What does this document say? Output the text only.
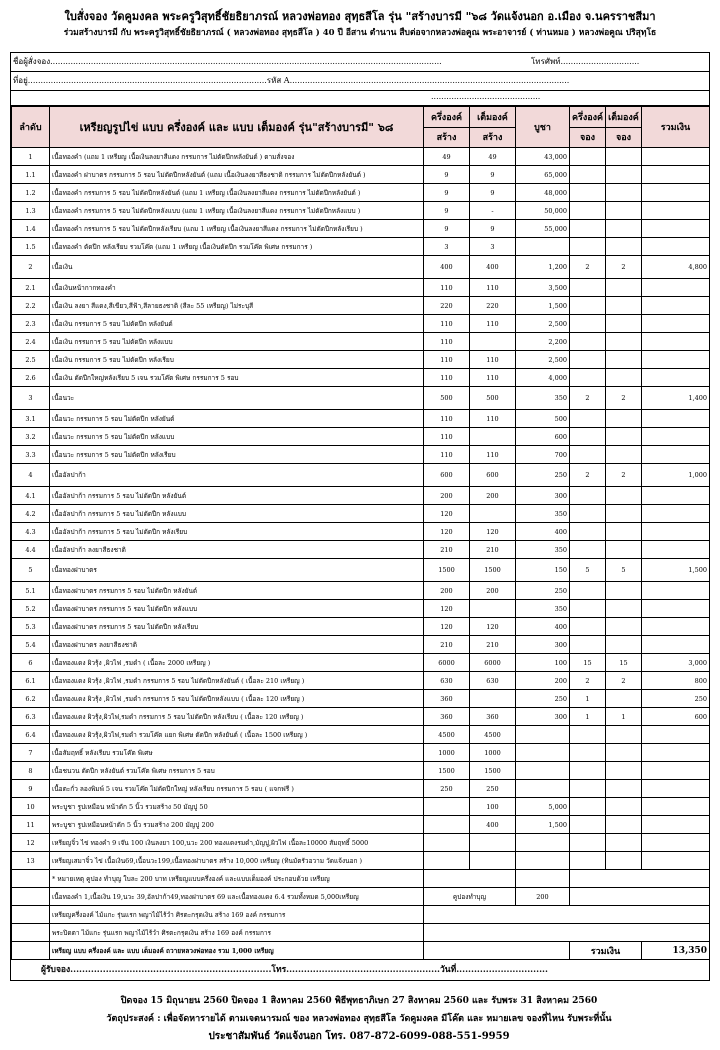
ใบสั่งจอง วัดคูมงคล พระครูวิสุทธิ์ชัยธิยาภรณ์ หลวงพ่อทอง สุทฺธสีโล รุ่น "สร้างบารมี "๖๘ วัดแจ้งนอก อ.เมือง จ.นครราชสีมา
ร่วมสร้างบารมี กับ พระครูวิสุทธิ์ชัยธิยาภรณ์ ( หลวงพ่อทอง สุทฺธสีโล ) 40 ปี อีสาน ตำนาน สืบต่อจากหลวงพ่อคูณ พระอาจารย์ ( ท่านหมอ ) หลวงพ่อคูณ ปริสุทฺโธ
ชื่อผู้สั่งจอง..........................................................................................................................................................	โทรศัพท์...............................
ที่อยู่..............................................................................................รหัส A..............................................................................................................
...........................................
ลำดับ	เหรียญรูปไข่ แบบ ครึ่งองค์ และ แบบ เต็มองค์ รุ่น"สร้างบารมี" ๖๘	ครึ่งองค์	เต็มองค์	บูชา	ครึ่งองค์	เต็มองค์	รวมเงิน
		สร้าง	สร้าง		จอง	จอง	
1	เนื้อทองคำ (แถม 1 เหรียญ เนื้อเงินลงยาสีแดง กรรมการ ไม่ตัดปีกหลังยันต์ ) ตามสั่งจอง	49	49	43,000			
1.1	เนื้อทองคำ ฝาบาตร กรรมการ 5 รอบ ไม่ตัดปีกหลังยันต์ (แถม เนื้อเงินลงยาสีธงชาติ กรรมการ ไม่ตัดปีกหลังยันต์ )	9	9	65,000			
1.2	เนื้อทองคำ กรรมการ 5 รอบ ไม่ตัดปีกหลังยันต์ (แถม 1 เหรียญ เนื้อเงินลงยาสีแดง กรรมการ ไม่ตัดปีกหลังยันต์ )	9	9	48,000			
1.3	เนื้อทองคำ กรรมการ 5 รอบ ไม่ตัดปีกหลังแบบ (แถม 1 เหรียญ เนื้อเงินลงยาสีแดง กรรมการ ไม่ตัดปีกหลังแบบ )	9	-	50,000			
1.4	เนื้อทองคำ กรรมการ 5 รอบ ไม่ตัดปีกหลังเรียบ (แถม 1 เหรียญ เนื้อเงินลงยาสีแดง กรรมการ ไม่ตัดปีกหลังเรียบ )	9	9	55,000			
1.5	เนื้อทองคำ ตัดปีก หลังเรียบ รวมโค๊ต (แถม 1 เหรียญ เนื้อเงินตัดปีก รวมโค๊ต พิเศษ กรรมการ )	3	3				
2	เนื้อเงิน	400	400	1,200	2	2	4,800
2.1	เนื้อเงินหน้ากากทองคำ	110	110	3,500			
2.2	เนื้อเงิน ลงยา สีแดง,สีเขียว,สีฟ้า,สีลายธงชาติ (สีละ 55 เหรียญ) ไม่ระบุสี	220	220	1,500			
2.3	เนื้อเงิน กรรมการ 5 รอบ ไม่ตัดปีก หลังยันต์	110	110	2,500			
2.4	เนื้อเงิน กรรมการ 5 รอบ ไม่ตัดปีก หลังแบบ	110		2,200			
2.5	เนื้อเงิน กรรมการ 5 รอบ ไม่ตัดปีก หลังเรียบ	110	110	2,500			
2.6	เนื้อเงิน ตัดปีกใหญ่หลังเรียบ 5 เจน รวมโค๊ต พิเศษ กรรมการ 5 รอบ	110	110	4,000			
3	เนื้อนวะ	500	500	350	2	2	1,400
3.1	เนื้อนวะ กรรมการ 5 รอบ ไม่ตัดปีก หลังยันต์	110	110	500			
3.2	เนื้อนวะ กรรมการ 5 รอบ ไม่ตัดปีก หลังแบบ	110		600			
3.3	เนื้อนวะ กรรมการ 5 รอบ ไม่ตัดปีก หลังเรียบ	110	110	700			
4	เนื้ออัลปาก้า	600	600	250	2	2	1,000
4.1	เนื้ออัลปาก้า กรรมการ 5 รอบ ไม่ตัดปีก หลังยันต์	200	200	300			
4.2	เนื้ออัลปาก้า กรรมการ 5 รอบ ไม่ตัดปีก หลังแบบ	120		350			
4.3	เนื้ออัลปาก้า กรรมการ 5 รอบ ไม่ตัดปีก หลังเรียบ	120	120	400			
4.4	เนื้ออัลปาก้า ลงยาสีธงชาติ	210	210	350			
5	เนื้อทองฝาบาตร	1500	1500	150	5	5	1,500
5.1	เนื้อทองฝาบาตร กรรมการ 5 รอบ ไม่ตัดปีก หลังยันต์	200	200	250			
5.2	เนื้อทองฝาบาตร กรรมการ 5 รอบ ไม่ตัดปีก หลังแบบ	120		350			
5.3	เนื้อทองฝาบาตร กรรมการ 5 รอบ ไม่ตัดปีก หลังเรียบ	120	120	400			
5.4	เนื้อทองฝาบาตร ลงยาสีธงชาติ	210	210	300			
6	เนื้อทองแดง ผิวรุ้ง ,ผิวไฟ ,รมดำ ( เนื้อละ 2000 เหรียญ )	6000	6000	100	15	15	3,000
6.1	เนื้อทองแดง ผิวรุ้ง ,ผิวไฟ ,รมดำ กรรมการ 5 รอบ ไม่ตัดปีกหลังยันต์ ( เนื้อละ 210 เหรียญ )	630	630	200	2	2	800
6.2	เนื้อทองแดง ผิวรุ้ง ,ผิวไฟ ,รมดำ กรรมการ 5 รอบ ไม่ตัดปีกหลังแบบ ( เนื้อละ 120 เหรียญ )	360		250	1		250
6.3	เนื้อทองแดง ผิวรุ้ง,ผิวไฟ,รมดำ กรรมการ 5 รอบ ไม่ตัดปีก หลังเรียบ ( เนื้อละ 120 เหรียญ )	360	360	300	1	1	600
6.4	เนื้อทองแดง ผิวรุ้ง,ผิวไฟ,รมดำ รวมโค๊ต แยก พิเศษ ตัดปีก หลังยันต์ ( เนื้อละ 1500 เหรียญ )	4500	4500				
7	เนื้อสัมฤทธิ์ หลังเรียบ รวมโค๊ต พิเศษ	1000	1000				
8	เนื้อชนวน ตัดปีก หลังยันต์ รวมโค๊ต พิเศษ กรรมการ 5 รอบ	1500	1500				
9	เนื้อตะกั่ว ลองพิมพ์ 5 เจน รวมโค๊ต ไม่ตัดปีกใหญ่ หลังเรียบ กรรมการ 5 รอบ ( แจกฟรี )	250	250				
10	พระบูชา รูปเหมือน หน้าตัก 5 นิ้ว รวมสร้าง 50 มัญปู 50		100	5,000			
11	พระบูชา รูปเหมือนหน้าตัก 5 นิ้ว รวมสร้าง 200 มัญปู 200		400	1,500			
12	เหรียญจิ๋ว ไข่ ทองคำ 9 เจ๊น 100 เงินลงยา 100,นวะ 200 ทองแดงรมดำ,มัญปู,ผิวไฟ เนื้อละ10000 สัมฤทธิ์ 5000						
13	เหรียญเสมาจิ๋ว ไข่ เนื้อเงิน69,เนื้อนวะ199,เนื้อทองฝาบาตร สร้าง 10,000 เหรียญ (ทินมัตรัวอวาม วัดแจ้งนอก )						
	* หมายเหตุ คูปอง ทำบุญ ใบละ 200 บาท เหรียญแบบครึ่งองค์ และแบบเต็มองค์ ประกอบด้วย เหรียญ						
	เนื้อทองคำ 1,เนื้อเงิน 19,นวะ 39,อัลปาก้า49,ทองฝาบาตร 69 และเนื้อทองแดง 6.4 รวมทั้งหมด 5,000เหรียญ	คูปองทำบุญ		200			
	เหรียญครึ่งองค์ ไม้แกะ รุ่นแรก พญาไม้ไร้วำ ศิรตะกรุดเงิน สร้าง 169 องค์ กรรมการ						
	พระปิดตา ไม้แกะ รุ่นแรก พญาไม้ไร้วำ ศิรตะกรุดเงิน สร้าง 169 องค์ กรรมการ						
	เหรียญ แบบ ครึ่งองค์ และ แบบ เต็มองค์ ถวายหลวงพ่อทอง รวม 1,000 เหรียญ				รวมเงิน		13,350
ผู้รับจอง....................................................................โทร....................................................วันที่...............................
ปิดจอง 15 มิถุนายน 2560 ปิดจอง 1 สิงหาคม 2560 พิธีพุทธาภิเษก 27 สิงหาคม 2560 และ รับพระ 31 สิงหาคม 2560
วัตถุประสงค์ : เพื่อจัดหารายได้ ตามเจตนารมณ์ ของ หลวงพ่อทอง สุทฺธสีโล วัดคูมงคล มีโค๊ต และ หมายเลข จองที่ไหน รับพระที่นั้น
ประชาสัมพันธ์ วัดแจ้งนอก โทร. 087-872-6099-088-551-9959
